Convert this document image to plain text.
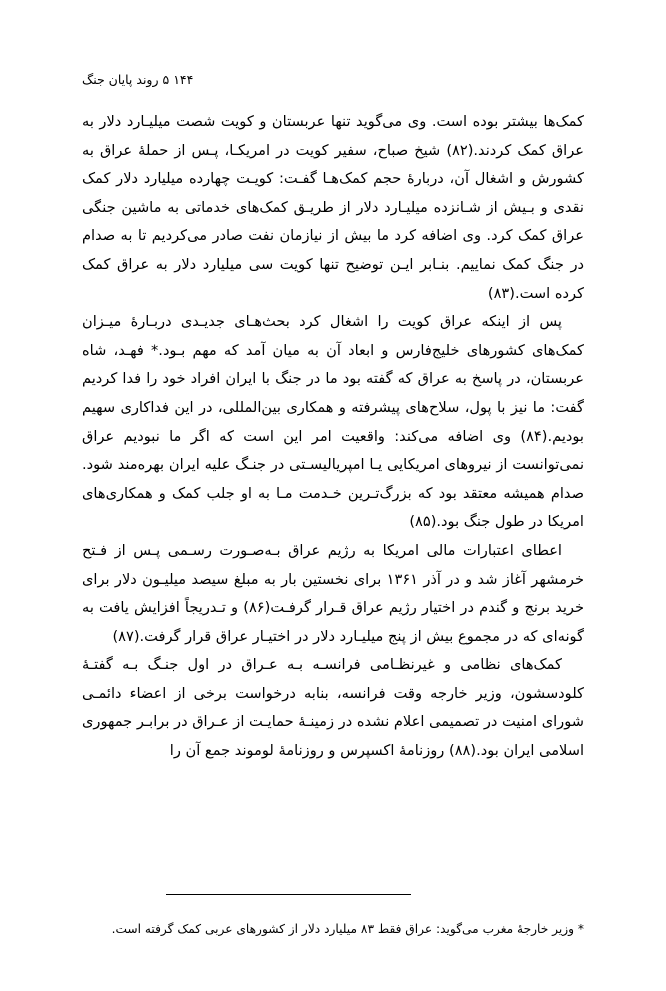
۱۴۴ ۵ روند پایان جنگ

کمک‌ها بیشتر بوده است. وی می‌گوید تنها عربستان و کویت شصت میلیـارد دلار به عراق کمک کردند.(۸۲) شیخ صباح، سفیر کویت در امریکـا، پـس از حملهٔ عراق به کشورش و اشغال آن، دربارهٔ حجم کمک‌هـا گفـت: کویـت چهارده میلیارد دلار کمک نقدی و بـیش از شـانزده میلیـارد دلار از طریـق کمک‌های خدماتی به ماشین جنگی عراق کمک کرد. وی اضافه کرد ما بیش از نیازمان نفت صادر می‌کردیم تا به صدام در جنگ کمک نماییم. بنـابر ایـن توضیح تنها کویت سی میلیارد دلار به عراق کمک کرده است.(۸۳)

پس از اینکه عراق کویت را اشغال کرد بحث‌هـای جدیـدی دربـارهٔ میـزان کمک‌های کشورهای خلیج‌فارس و ابعاد آن به میان آمد که مهم بـود.* فهـد، شاه عربستان، در پاسخ به عراق که گفته بود ما در جنگ با ایران افراد خود را فدا کردیم گفت: ما نیز با پول، سلاح‌های پیشرفته و همکاری بین‌المللی، در این فداکاری سهیم بودیم.(۸۴) وی اضافه می‌کند: واقعیت امر این است که اگر ما نبودیم عراق نمی‌توانست از نیروهای امریکایی یـا امپریالیسـتی در جنـگ علیه ایران بهره‌مند شود. صدام همیشه معتقد بود که بزرگ‌تـرین خـدمت مـا به او جلب کمک و همکاری‌های امریکا در طول جنگ بود.(۸۵)

اعطای اعتبارات مالی امریکا به رژیم عراق بـه‌صـورت رسـمی پـس از فـتح خرمشهر آغاز شد و در آذر ۱۳۶۱ برای نخستین بار به مبلغ سیصد میلیـون دلار برای خرید برنج و گندم در اختیار رژیم عراق قـرار گرفـت(۸۶) و تـدریجاً افزایش یافت به گونه‌ای که در مجموع بیش از پنج میلیـارد دلار در اختیـار عراق قرار گرفت.(۸۷)

کمک‌های نظامی و غیرنظـامی فرانسـه بـه عـراق در اول جنـگ بـه گفتـهٔ کلودسشون، وزیر خارجه وقت فرانسه، بنابه درخواست برخی از اعضاء دائمـی شورای امنیت در تصمیمی اعلام نشده در زمینـهٔ حمایـت از عـراق در برابـر جمهوری اسلامی ایران بود.(۸۸) روزنامهٔ اکسپرس و روزنامهٔ لوموند جمع آن را

* وزیر خارجهٔ مغرب می‌گوید: عراق فقط ۸۳ میلیارد دلار از کشورهای عربی کمک گرفته است.
